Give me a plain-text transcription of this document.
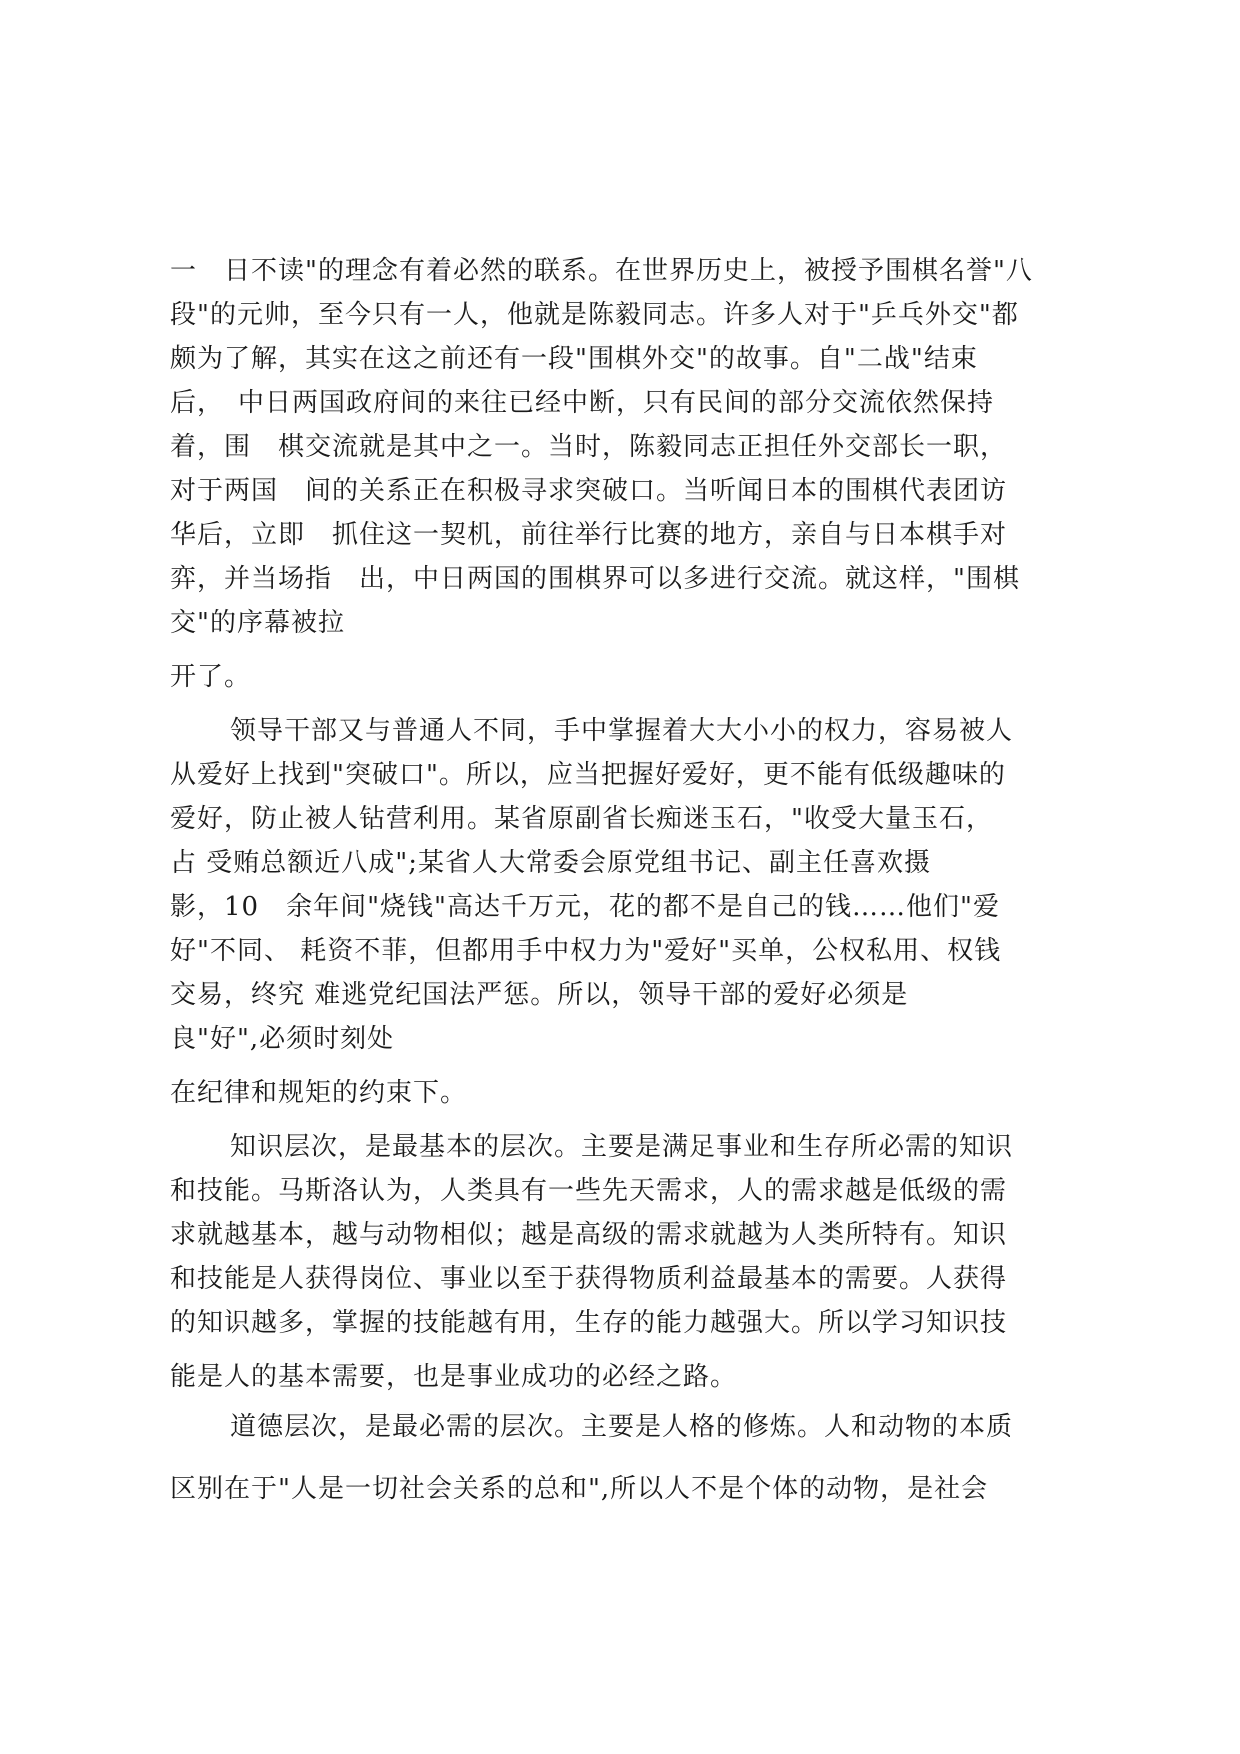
一　日不读"的理念有着必然的联系。在世界历史上，被授予围棋名誉"八
段"的元帅，至今只有一人，他就是陈毅同志。许多人对于"乒乓外交"都
颇为了解，其实在这之前还有一段"围棋外交"的故事。自"二战"结束
后，　中日两国政府间的来往已经中断，只有民间的部分交流依然保持
着，围　棋交流就是其中之一。当时，陈毅同志正担任外交部长一职，
对于两国　间的关系正在积极寻求突破口。当听闻日本的围棋代表团访
华后，立即　抓住这一契机，前往举行比赛的地方，亲自与日本棋手对
弈，并当场指　出，中日两国的围棋界可以多进行交流。就这样，"围棋
交"的序幕被拉
开了。
领导干部又与普通人不同，手中掌握着大大小小的权力，容易被人
从爱好上找到"突破口"。所以，应当把握好爱好，更不能有低级趣味的
爱好，防止被人钻营利用。某省原副省长痴迷玉石，"收受大量玉石，
占 受贿总额近八成";某省人大常委会原党组书记、副主任喜欢摄
影，10　余年间"烧钱"高达千万元，花的都不是自己的钱……他们"爱
好"不同、 耗资不菲，但都用手中权力为"爱好"买单，公权私用、权钱
交易，终究 难逃党纪国法严惩。所以，领导干部的爱好必须是
良"好",必须时刻处
在纪律和规矩的约束下。
知识层次，是最基本的层次。主要是满足事业和生存所必需的知识
和技能。马斯洛认为，人类具有一些先天需求，人的需求越是低级的需
求就越基本，越与动物相似；越是高级的需求就越为人类所特有。知识
和技能是人获得岗位、事业以至于获得物质利益最基本的需要。人获得
的知识越多，掌握的技能越有用，生存的能力越强大。所以学习知识技
能是人的基本需要，也是事业成功的必经之路。
道德层次，是最必需的层次。主要是人格的修炼。人和动物的本质
区别在于"人是一切社会关系的总和",所以人不是个体的动物，是社会
